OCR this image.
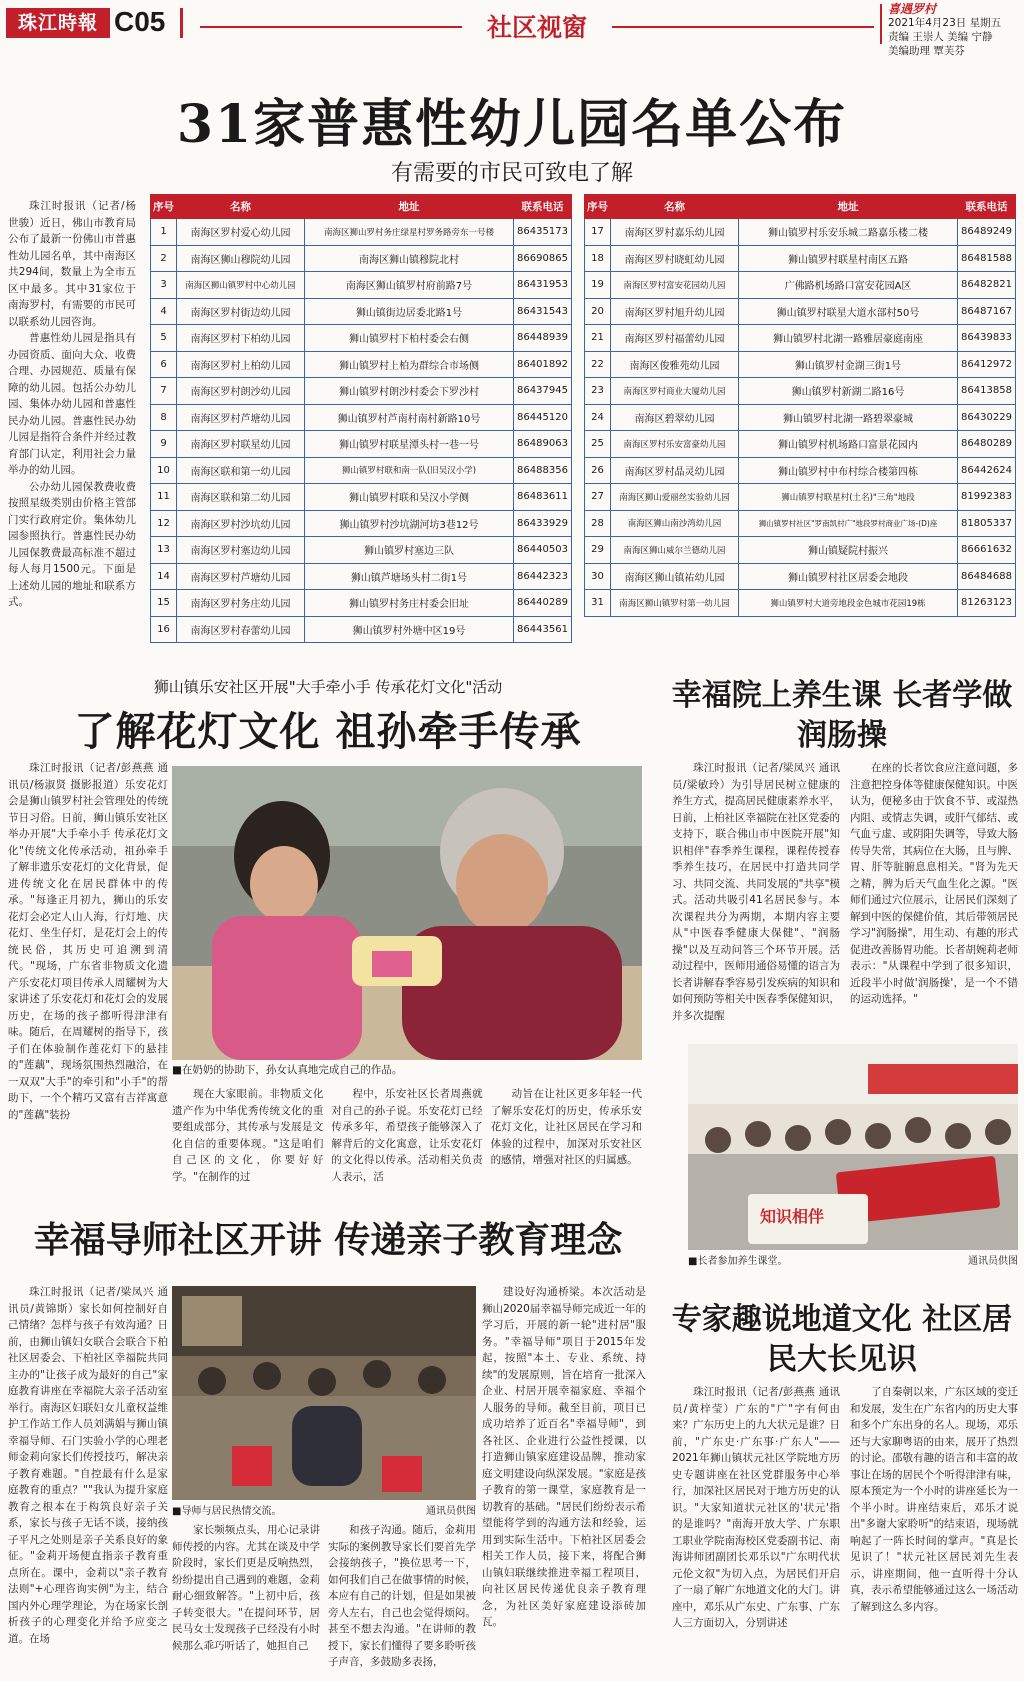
珠江時報 C05	社区视窗
喜遇罗村
2021年4月23日 星期五
责编 王崇人 美编 宁静
美编助理 覃芙芬
31家普惠性幼儿园名单公布
有需要的市民可致电了解

珠江时报讯（记者/杨世骏）近日，佛山市教育局公布了最新一份佛山市普惠性幼儿园名单，其中南海区共294间，数量上为全市五区中最多。其中31家位于南海罗村，有需要的市民可以联系幼儿园咨询。

普惠性幼儿园是指具有办园资质、面向大众、收费合理、办园规范、质量有保障的幼儿园。包括公办幼儿园、集体办幼儿园和普惠性民办幼儿园。普惠性民办幼儿园是指符合条件并经过教育部门认定，利用社会力量举办的幼儿园。

公办幼儿园保教费收费按照星级类别由价格主管部门实行政府定价。集体幼儿园参照执行。普惠性民办幼儿园保教费最高标准不超过每人每月1500元。下面是上述幼儿园的地址和联系方式。

序号	名称	地址	联系电话
1	南海区罗村爱心幼儿园	南海区狮山罗村务庄绿星村罗务路旁东一号楼	86435173
2	南海区狮山穆院幼儿园	南海区狮山镇穆院北村	86690865
3	南海区狮山镇罗村中心幼儿园	南海区狮山镇罗村府前路7号	86431953
4	南海区罗村街边幼儿园	狮山镇街边居委北路1号	86431543
5	南海区罗村下柏幼儿园	狮山镇罗村下柏村委会右侧	86448939
6	南海区罗村上柏幼儿园	狮山镇罗村上柏为群综合市场侧	86401892
7	南海区罗村朗沙幼儿园	狮山镇罗村朗沙村委会下罗沙村	86437945
8	南海区罗村芦塘幼儿园	狮山镇罗村芦南村南村新路10号	86445120
9	南海区罗村联星幼儿园	狮山镇罗村联星潭头村一巷一号	86489063
10	南海区联和第一幼儿园	狮山镇罗村联和南一队(旧吴汉小学)	86488356
11	南海区联和第二幼儿园	狮山镇罗村联和吴汉小学侧	86483611
12	南海区罗村沙坑幼儿园	狮山镇罗村沙坑湖河坊3巷12号	86433929
13	南海区罗村塞边幼儿园	狮山镇罗村塞边三队	86440503
14	南海区罗村芦塘幼儿园	狮山镇芦塘场头村二街1号	86442323
15	南海区罗村务庄幼儿园	狮山镇罗村务庄村委会旧址	86440289
16	南海区罗村春蕾幼儿园	狮山镇罗村外塘中区19号	86443561
序号	名称	地址	联系电话
17	南海区罗村嘉乐幼儿园	狮山镇罗村乐安乐城二路嘉乐楼二楼	86489249
18	南海区罗村晓虹幼儿园	狮山镇罗村联星村南区五路	86481588
19	南海区罗村富安花园幼儿园	广佛路机场路口富安花园A区	86482821
20	南海区罗村旭升幼儿园	狮山镇罗村联星大道水部村50号	86487167
21	南海区罗村福蕾幼儿园	狮山镇罗村北湖一路雅居豪庭南座	86439833
22	南海区俊雅苑幼儿园	狮山镇罗村金湖三街1号	86412972
23	南海区罗村商业大厦幼儿园	狮山镇罗村新湖二路16号	86413858
24	南海区碧翠幼儿园	狮山镇罗村北湖一路碧翠豪城	86430229
25	南海区罗村乐安富豪幼儿园	狮山镇罗村机场路口富景花园内	86480289
26	南海区罗村晶灵幼儿园	狮山镇罗村中布村综合楼第四栋	86442624
27	南海区狮山爱丽丝实验幼儿园	狮山镇罗村联星村(土名)"三角"地段	81992383
28	南海区狮山南沙湾幼儿园	狮山镇罗村社区"罗南凯村广"地段罗村商业广场-(D)座	81805337
29	南海区狮山威尔兰德幼儿园	狮山镇疑院村振兴	86661632
30	南海区狮山镇祐幼儿园	狮山镇罗村社区居委会地段	86484688
31	南海区狮山镇罗村第一幼儿园	狮山镇罗村大道旁地段金色城市花园19栋	81263123
狮山镇乐安社区开展"大手牵小手 传承花灯文化"活动
了解花灯文化 祖孙牵手传承

珠江时报讯（记者/彭燕燕 通讯员/杨淑贤 摄影报道）乐安花灯会是狮山镇罗村社会管理处的传统节日习俗。日前，狮山镇乐安社区举办开展"大手牵小手 传承花灯文化"传统文化传承活动，祖孙牵手了解非遗乐安花灯的文化背景，促进传统文化在居民群体中的传承。"每逢正月初九，狮山的乐安花灯会必定人山人海，行灯地、庆花灯、坐生仔灯，是花灯会上的传统民俗，其历史可追溯到清代。"现场，广东省非物质文化遗产乐安花灯项目传承人周耀树为大家讲述了乐安花灯和花灯会的发展历史，在场的孩子都听得津津有味。随后，在周耀树的指导下，孩子们在体验制作莲花灯下的悬挂的"莲藕"，现场氛围热烈融洽，在一双双"大手"的牵引和"小手"的帮助下，一个个精巧又富有吉祥寓意的"莲藕"装扮

■在奶奶的协助下，孙女认真地完成自己的作品。

现在大家眼前。非物质文化遗产作为中华优秀传统文化的重要组成部分，其传承与发展是文化自信的重要体现。"这是咱们自己区的文化，你要好好学。"在制作的过

程中，乐安社区长者周燕就对自己的孙子说。乐安花灯已经传承多年，希望孩子能够深入了解背后的文化寓意，让乐安花灯的文化得以传承。活动相关负责人表示，活

动旨在让社区更多年轻一代了解乐安花灯的历史，传承乐安花灯文化，让社区居民在学习和体验的过程中，加深对乐安社区的感情，增强对社区的归属感。

幸福院上养生课 长者学做润肠操

珠江时报讯（记者/梁凤兴 通讯员/梁敏玲）为引导居民树立健康的养生方式，提高居民健康素养水平，日前，上柏社区幸福院在社区党委的支持下，联合佛山市中医院开展"知识相伴"春季养生课程，课程传授春季养生技巧，在居民中打造共同学习、共同交流、共同发展的"共享"模式。活动共吸引41名居民参与。本次课程共分为两期，本期内容主要从"中医春季健康大保健"、"润肠操"以及互动问答三个环节开展。活动过程中，医师用通俗易懂的语言为长者讲解春季容易引发疾病的知识和如何预防等相关中医春季保健知识，并多次提醒

在座的长者饮食应注意问题，多注意把控身体等健康保健知识。中医认为，便秘多由于饮食不节、或湿热内阻、或情志失调，或肝气郁结、或气血亏虚、或阴阳失调等，导致大肠传导失常，其病位在大肠，且与脾、胃、肝等脏腑息息相关。"肾为先天之精，脾为后天气血生化之源。"医师们通过穴位展示，让居民们深刻了解到中医的保健价值，其后带领居民学习"润肠操"，用生动、有趣的形式促进改善肠胃功能。长者胡婉莉老师表示："从课程中学到了很多知识，近段半小时做'润肠操'，是一个不错的运动选择。"

知识相伴
■长者参加养生课堂。	通讯员供图
幸福导师社区开讲 传递亲子教育理念

珠江时报讯（记者/梁凤兴 通讯员/黄锦斯）家长如何控制好自己情绪？怎样与孩子有效沟通？日前，由狮山镇妇女联合会联合下柏社区居委会、下柏社区幸福院共同主办的"让孩子成为最好的自己"家庭教育讲座在幸福院大亲子活动室举行。南海区妇联妇女儿童权益维护工作站工作人员刘满娟与狮山镇幸福导师、石门实验小学的心理老师金莉向家长们传授技巧，解决亲子教育难题。"自控最有什么是家庭教育的重点？""我认为提升家庭教育之根本在于构筑良好亲子关系，家长与孩子无话不谈，接纳孩子平凡之处则是亲子关系良好的象征。"金莉开场便直指亲子教育重点所在。课中，金莉以"亲子教育法则"+心理咨询实例"为主，结合国内外心理学理论，为在场家长剖析孩子的心理变化并给予应变之道。在场

■导师与居民热情交流。	通讯员供图

家长频频点头，用心记录讲师传授的内容。尤其在谈及中学阶段时，家长们更是反响热烈，纷纷提出自己遇到的难题，金莉耐心细致解答。"上初中后，孩子转变很大。"在提问环节，居民马女士发现孩子已经没有小时候那么乖巧听话了，她担自己

和孩子沟通。随后，金莉用实际的案例教导家长们要首先学会接纳孩子，"换位思考一下，如何我们自己在做事情的时候，本应有自己的计划，但是如果被旁人左右，自己也会觉得烦闷。甚至不想去沟通。"在讲师的教授下，家长们懂得了要多聆听孩子声音，多鼓励多表扬，

建设好沟通桥梁。本次活动是狮山2020届幸福导师完成近一年的学习后，开展的新一轮"进村居"服务。"幸福导师"项目于2015年发起，按照"本土、专业、系统、持续"的发展原则，旨在培育一批深入企业、村居开展幸福家庭、幸福个人服务的导师。截至目前，项目已成功培养了近百名"幸福导师"，到各社区、企业进行公益性授课，以打造狮山镇家庭建设品牌，推动家庭文明建设向纵深发展。"家庭是孩子教育的第一课堂，家庭教育是一切教育的基础。"居民们纷纷表示希望能将学到的沟通方法和经验，运用到实际生活中。下柏社区居委会相关工作人员，接下来，将配合狮山镇妇联继续推进幸福工程项目，向社区居民传递优良亲子教育理念，为社区美好家庭建设添砖加瓦。

专家趣说地道文化 社区居民大长见识

珠江时报讯（记者/彭燕燕 通讯员/黄梓莹）广东的"广"字有何由来？广东历史上的九大状元是谁？日前，"广东史·广东事·广东人"——2021年狮山镇状元社区学院地方历史专题讲座在社区党群服务中心举行，加深社区居民对于地方历史的认识。"大家知道状元社区的'状元'指的是谁吗？"南海开放大学、广东职工职业学院南海校区党委副书记、南海讲师团副团长邓乐以"广东明代状元伦文叙"为切入点，为居民们开启了一扇了解广东地道文化的大门。讲座中，邓乐从广东史、广东事、广东人三方面切入，分别讲述

了自秦朝以来，广东区域的变迁和发展，发生在广东省内的历史大事和多个广东出身的名人。现场，邓乐还与大家聊粤语的由来，展开了热烈的讨论。邵敬有趣的语言和丰富的故事让在场的居民个个听得津津有味，原本预定为一个小时的讲座延长为一个半小时。讲座结束后，邓乐才说出"多谢大家聆听"的结束语，现场就响起了一阵长时间的掌声。"真是长见识了！"状元社区居民刘先生表示，讲座期间，他一直听得十分认真，表示希望能够通过这么一场活动了解到这么多内容。
